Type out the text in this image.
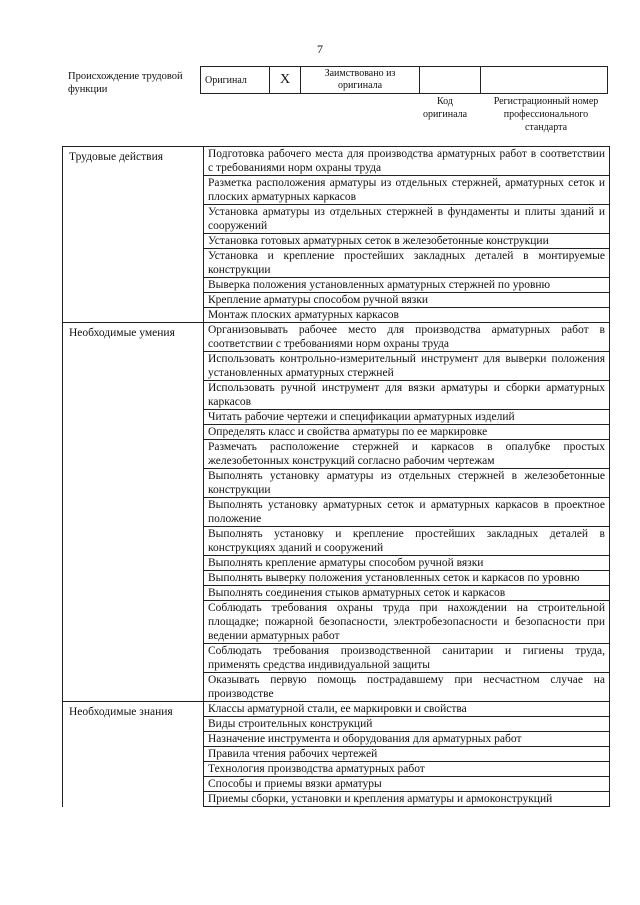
7
Происхождение трудовой функции
Оригинал	X	Заимствовано из оригинала		
Код оригинала
Регистрационный номер профессионального стандарта
Трудовые действия	Подготовка рабочего места для производства арматурных работ в соответствии с требованиями норм охраны труда
	Разметка расположения арматуры из отдельных стержней, арматурных сеток и плоских арматурных каркасов
	Установка арматуры из отдельных стержней в фундаменты и плиты зданий и сооружений
	Установка готовых арматурных сеток в железобетонные конструкции
	Установка и крепление простейших закладных деталей в монтируемые конструкции
	Выверка положения установленных арматурных стержней по уровню
	Крепление арматуры способом ручной вязки
	Монтаж плоских арматурных каркасов
Необходимые умения	Организовывать рабочее место для производства арматурных работ в соответствии с требованиями норм охраны труда
	Использовать контрольно-измерительный инструмент для выверки положения установленных арматурных стержней
	Использовать ручной инструмент для вязки арматуры и сборки арматурных каркасов
	Читать рабочие чертежи и спецификации арматурных изделий
	Определять класс и свойства арматуры по ее маркировке
	Размечать расположение стержней и каркасов в опалубке простых железобетонных конструкций согласно рабочим чертежам
	Выполнять установку арматуры из отдельных стержней в железобетонные конструкции
	Выполнять установку арматурных сеток и арматурных каркасов в проектное положение
	Выполнять установку и крепление простейших закладных деталей в конструкциях зданий и сооружений
	Выполнять крепление арматуры способом ручной вязки
	Выполнять выверку положения установленных сеток и каркасов по уровню
	Выполнять соединения стыков арматурных сеток и каркасов
	Соблюдать требования охраны труда при нахождении на строительной площадке; пожарной безопасности, электробезопасности и безопасности при ведении арматурных работ
	Соблюдать требования производственной санитарии и гигиены труда, применять средства индивидуальной защиты
	Оказывать первую помощь пострадавшему при несчастном случае на производстве
Необходимые знания	Классы арматурной стали, ее маркировки и свойства
	Виды строительных конструкций
	Назначение инструмента и оборудования для арматурных работ
	Правила чтения рабочих чертежей
	Технология производства арматурных работ
	Способы и приемы вязки арматуры
	Приемы сборки, установки и крепления арматуры и армоконструкций
